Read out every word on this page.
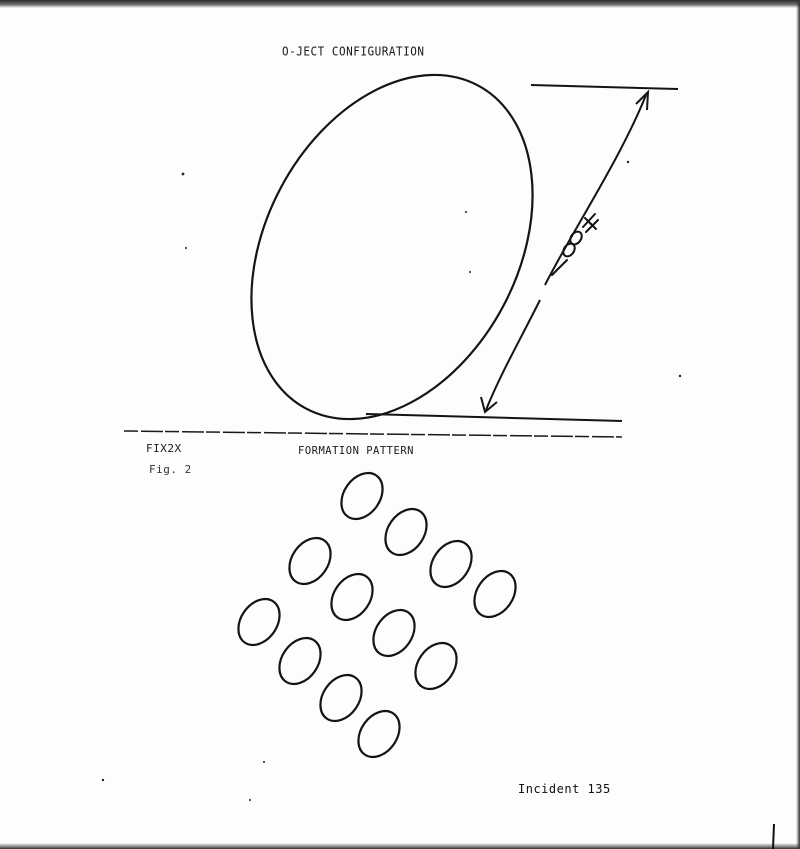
O-JECT CONFIGURATION
FIX2X
Fig. 2
FORMATION PATTERN
Incident 135
